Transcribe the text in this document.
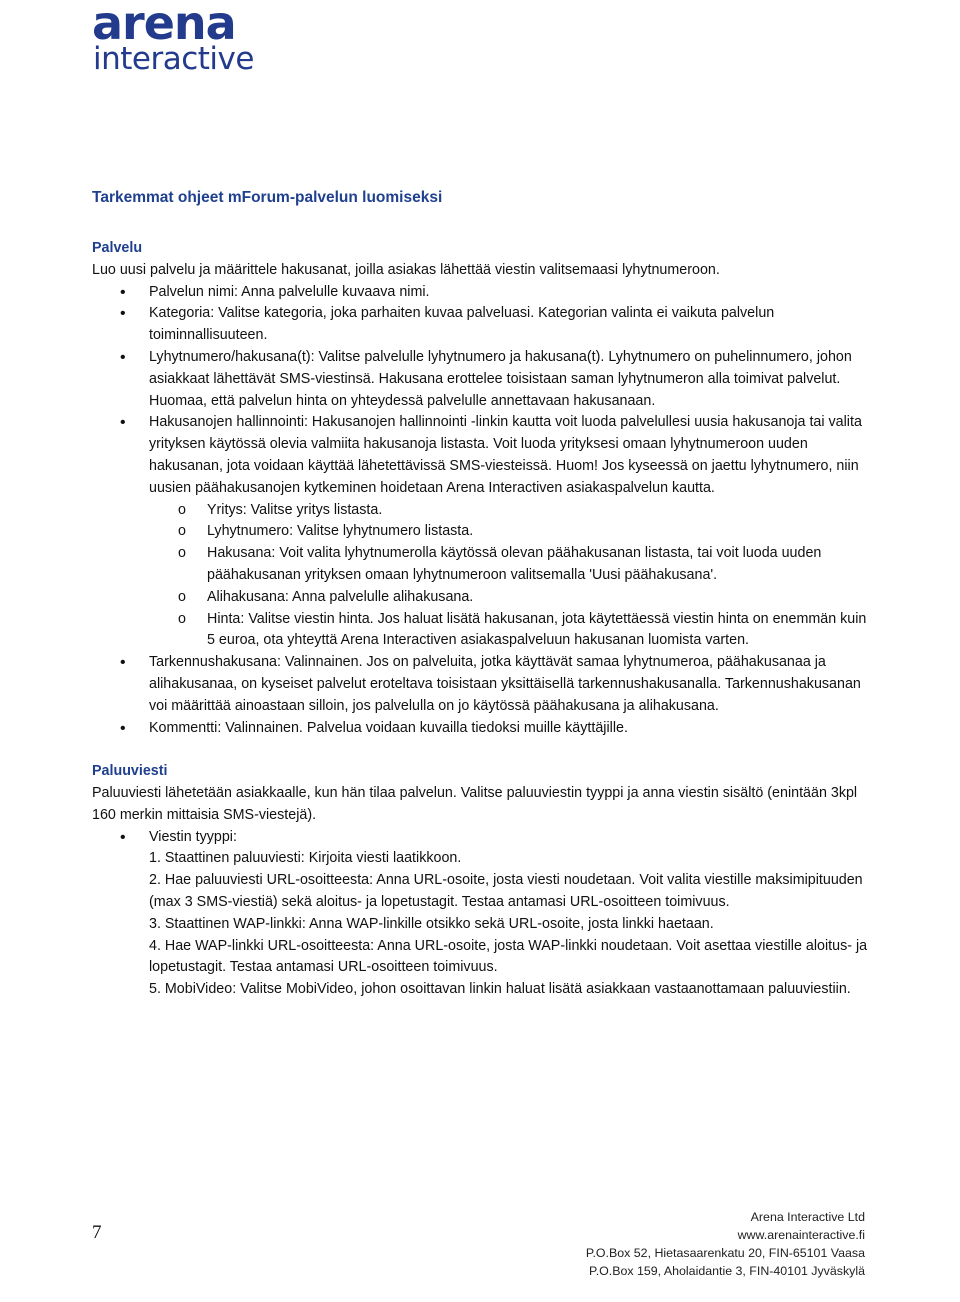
arena
interactive
Tarkemmat ohjeet mForum-palvelun luomiseksi

Palvelu

Luo uusi palvelu ja määrittele hakusanat, joilla asiakas lähettää viestin valitsemaasi lyhytnumeroon.

• Palvelun nimi: Anna palvelulle kuvaava nimi.
• Kategoria: Valitse kategoria, joka parhaiten kuvaa palveluasi. Kategorian valinta ei vaikuta palvelun toiminnallisuuteen.
• Lyhytnumero/hakusana(t): Valitse palvelulle lyhytnumero ja hakusana(t). Lyhytnumero on puhelinnumero, johon asiakkaat lähettävät SMS-viestinsä. Hakusana erottelee toisistaan saman lyhytnumeron alla toimivat palvelut. Huomaa, että palvelun hinta on yhteydessä palvelulle annettavaan hakusanaan.
• Hakusanojen hallinnointi: Hakusanojen hallinnointi -linkin kautta voit luoda palvelullesi uusia hakusanoja tai valita yrityksen käytössä olevia valmiita hakusanoja listasta. Voit luoda yrityksesi omaan lyhytnumeroon uuden hakusanan, jota voidaan käyttää lähetettävissä SMS-viesteissä. Huom! Jos kyseessä on jaettu lyhytnumero, niin uusien päähakusanojen kytkeminen hoidetaan Arena Interactiven asiakaspalvelun kautta.
o Yritys: Valitse yritys listasta.
o Lyhytnumero: Valitse lyhytnumero listasta.
o Hakusana: Voit valita lyhytnumerolla käytössä olevan päähakusanan listasta, tai voit luoda uuden päähakusanan yrityksen omaan lyhytnumeroon valitsemalla 'Uusi päähakusana'.
o Alihakusana: Anna palvelulle alihakusana.
o Hinta: Valitse viestin hinta. Jos haluat lisätä hakusanan, jota käytettäessä viestin hinta on enemmän kuin 5 euroa, ota yhteyttä Arena Interactiven asiakaspalveluun hakusanan luomista varten.
• Tarkennushakusana: Valinnainen. Jos on palveluita, jotka käyttävät samaa lyhytnumeroa, päähakusanaa ja alihakusanaa, on kyseiset palvelut eroteltava toisistaan yksittäisellä tarkennushakusanalla. Tarkennushakusanan voi määrittää ainoastaan silloin, jos palvelulla on jo käytössä päähakusana ja alihakusana.
• Kommentti: Valinnainen. Palvelua voidaan kuvailla tiedoksi muille käyttäjille.

Paluuviesti

Paluuviesti lähetetään asiakkaalle, kun hän tilaa palvelun. Valitse paluuviestin tyyppi ja anna viestin sisältö (enintään 3kpl 160 merkin mittaisia SMS-viestejä).

• Viestin tyyppi:
1. Staattinen paluuviesti: Kirjoita viesti laatikkoon.
2. Hae paluuviesti URL-osoitteesta: Anna URL-osoite, josta viesti noudetaan. Voit valita viestille maksimipituuden (max 3 SMS-viestiä) sekä aloitus- ja lopetustagit. Testaa antamasi URL-osoitteen toimivuus.
3. Staattinen WAP-linkki: Anna WAP-linkille otsikko sekä URL-osoite, josta linkki haetaan.
4. Hae WAP-linkki URL-osoitteesta: Anna URL-osoite, josta WAP-linkki noudetaan. Voit asettaa viestille aloitus- ja lopetustagit. Testaa antamasi URL-osoitteen toimivuus.
5. MobiVideo: Valitse MobiVideo, johon osoittavan linkin haluat lisätä asiakkaan vastaanottamaan paluuviestiin.
7
Arena Interactive Ltd
www.arenainteractive.fi
P.O.Box 52, Hietasaarenkatu 20, FIN-65101 Vaasa
P.O.Box 159, Aholaidantie 3, FIN-40101 Jyväskylä
